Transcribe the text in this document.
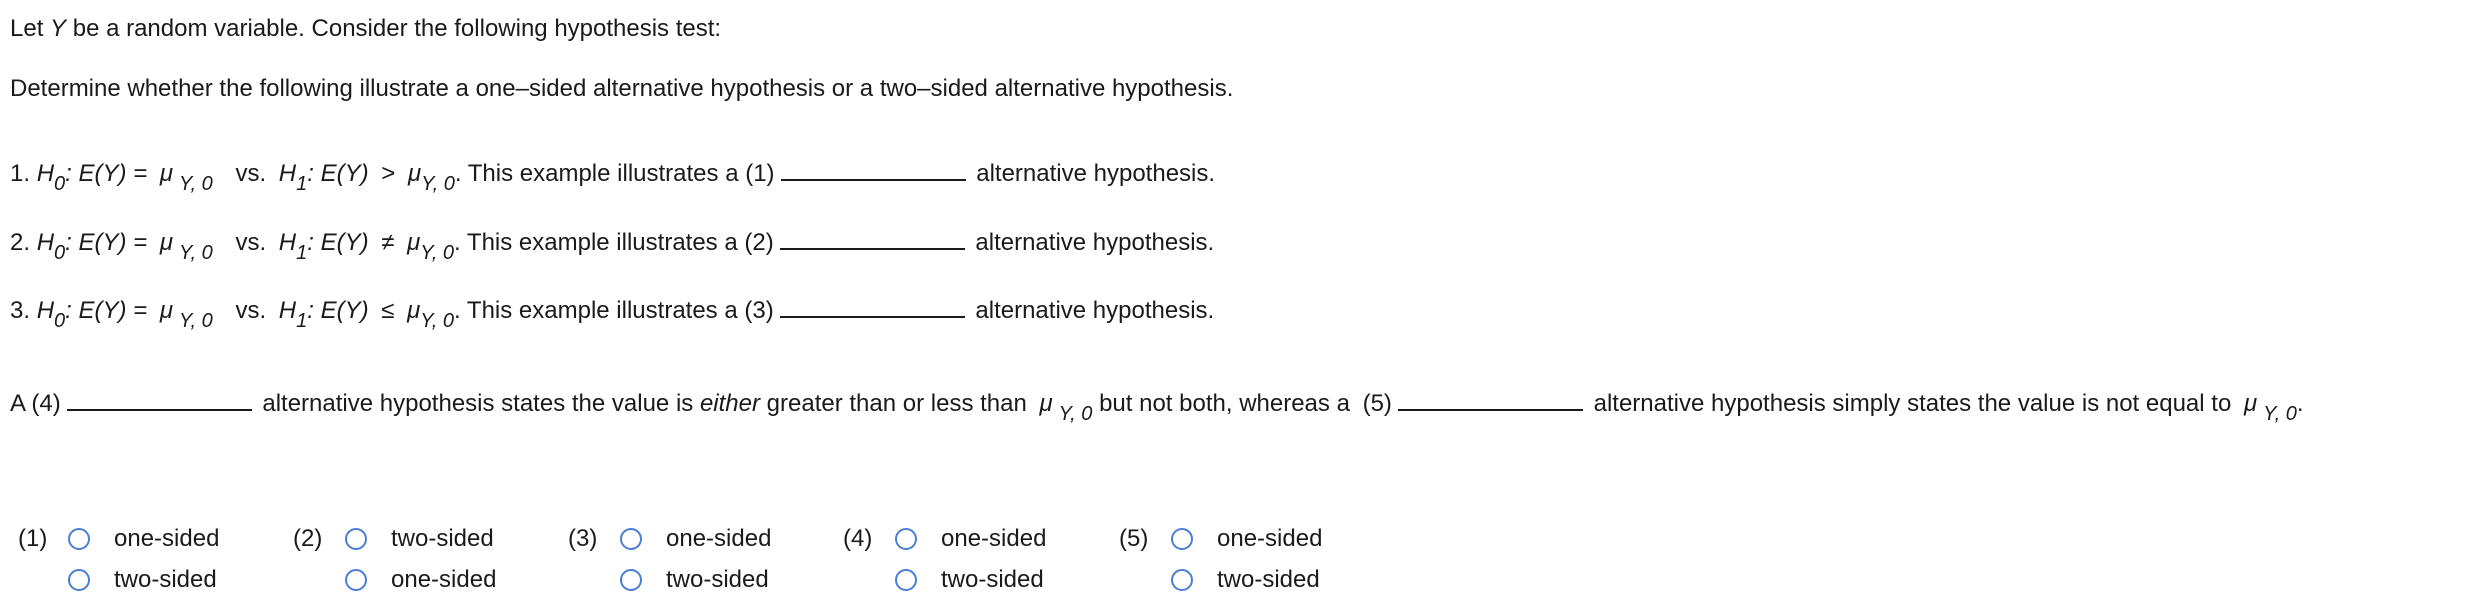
Let Y be a random variable. Consider the following hypothesis test:
Determine whether the following illustrate a one–sided alternative hypothesis or a two–sided alternative hypothesis.
1. $H_0$: E(Y) = μ $_{Y, 0}$ vs. $H_1$: $E(Y) > \mu_{Y, 0}$. This example illustrates a (1)	alternative hypothesis.
2. $H_0$: E(Y) = μ $_{Y, 0}$ vs. $H_1$: $E(Y) \ne \mu_{Y, 0}$. This example illustrates a (2)	alternative hypothesis.
3. $H_0$: E(Y) = μ $_{Y, 0}$ vs. $H_1$: $E(Y) \le \mu_{Y, 0}$. This example illustrates a (3)	alternative hypothesis.
A (4)	alternative hypothesis states the value is either greater than or less than μ $_{Y, 0}$ but not both, whereas a (5)	alternative hypothesis simply states the value is not equal to μ $_{Y, 0}$.
(1)	one-sided
two-sided
(2)	two-sided
one-sided
(3)	one-sided
two-sided
(4)	one-sided
two-sided
(5)	one-sided
two-sided
